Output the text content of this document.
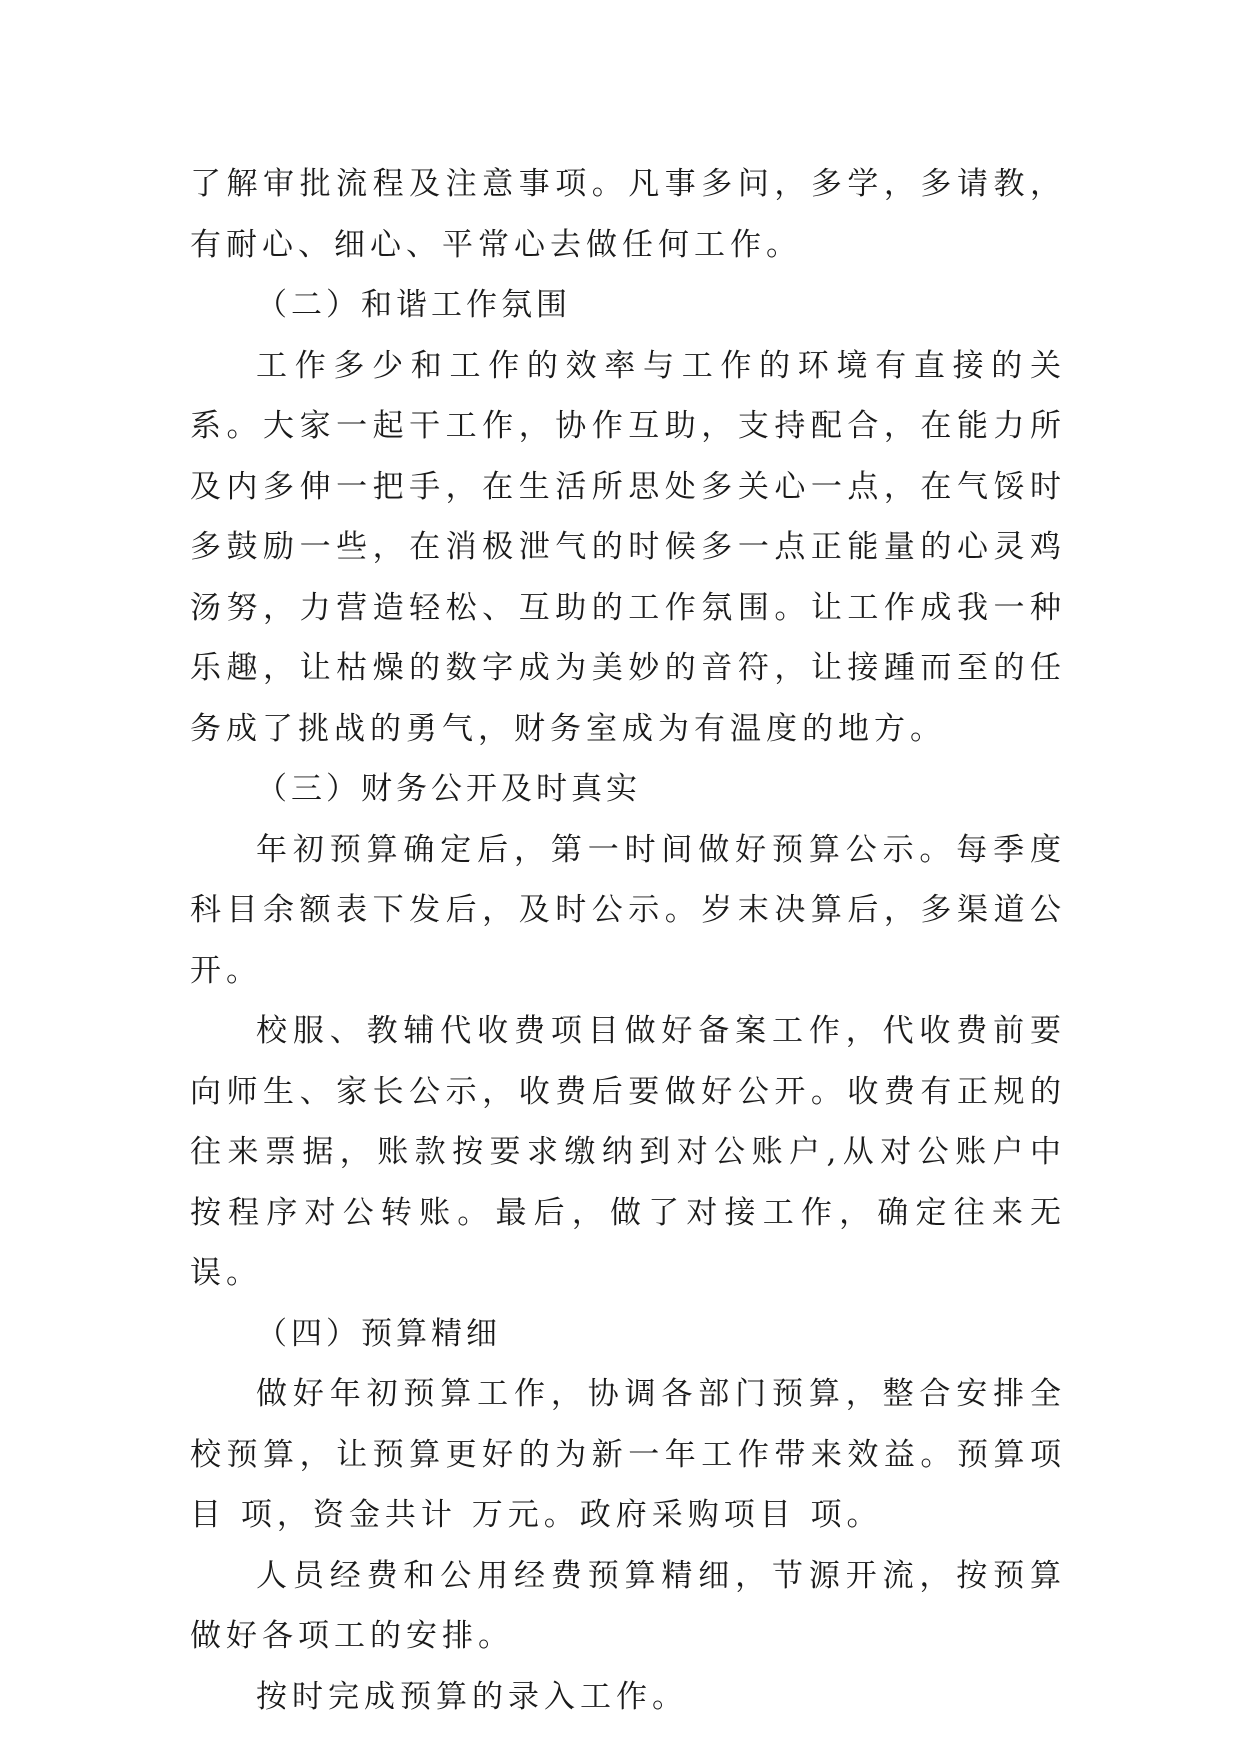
了解审批流程及注意事项。凡事多问，多学，多请教，有耐心、细心、平常心去做任何工作。

（二）和谐工作氛围

工作多少和工作的效率与工作的环境有直接的关系。大家一起干工作，协作互助，支持配合，在能力所及内多伸一把手，在生活所思处多关心一点，在气馁时多鼓励一些，在消极泄气的时候多一点正能量的心灵鸡汤努，力营造轻松、互助的工作氛围。让工作成我一种乐趣，让枯燥的数字成为美妙的音符，让接踵而至的任务成了挑战的勇气，财务室成为有温度的地方。

（三）财务公开及时真实

年初预算确定后，第一时间做好预算公示。每季度科目余额表下发后，及时公示。岁末决算后，多渠道公开。

校服、教辅代收费项目做好备案工作，代收费前要向师生、家长公示，收费后要做好公开。收费有正规的往来票据，账款按要求缴纳到对公账户,从对公账户中按程序对公转账。最后，做了对接工作，确定往来无误。

（四）预算精细

做好年初预算工作，协调各部门预算，整合安排全校预算，让预算更好的为新一年工作带来效益。预算项目 项，资金共计 万元。政府采购项目 项。

人员经费和公用经费预算精细，节源开流，按预算做好各项工的安排。

按时完成预算的录入工作。
